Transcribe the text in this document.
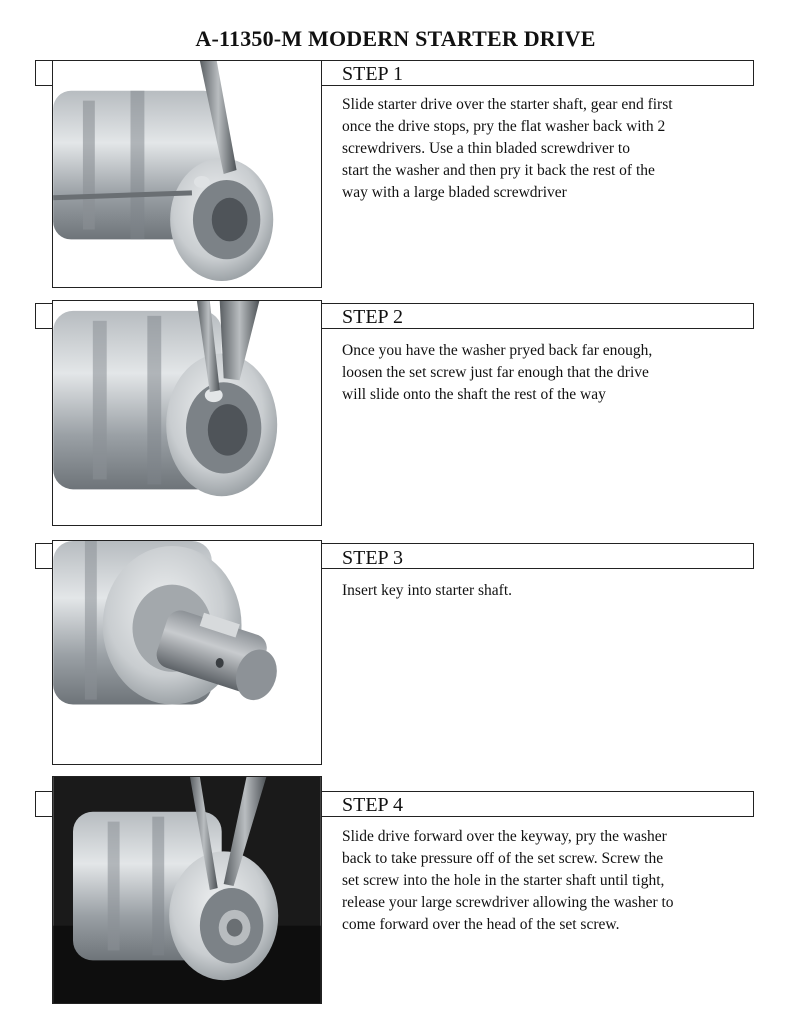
A-11350-M MODERN STARTER DRIVE
STEP 1
Slide starter drive over the starter shaft, gear end first
once the drive stops, pry the flat washer back with 2
screwdrivers. Use a thin bladed screwdriver to
start the washer and then pry it back the rest of the
way with a large bladed screwdriver
STEP 2
Once you have the washer pryed back far enough,
loosen the set screw just far enough that the drive
will slide onto the shaft the rest of the way
STEP 3
Insert key into starter shaft.
STEP 4
Slide drive forward over the keyway, pry the washer
back to take pressure off of the set screw. Screw the
set screw into the hole in the starter shaft until tight,
release your large screwdriver allowing the washer to
come forward over the head of the set screw.
